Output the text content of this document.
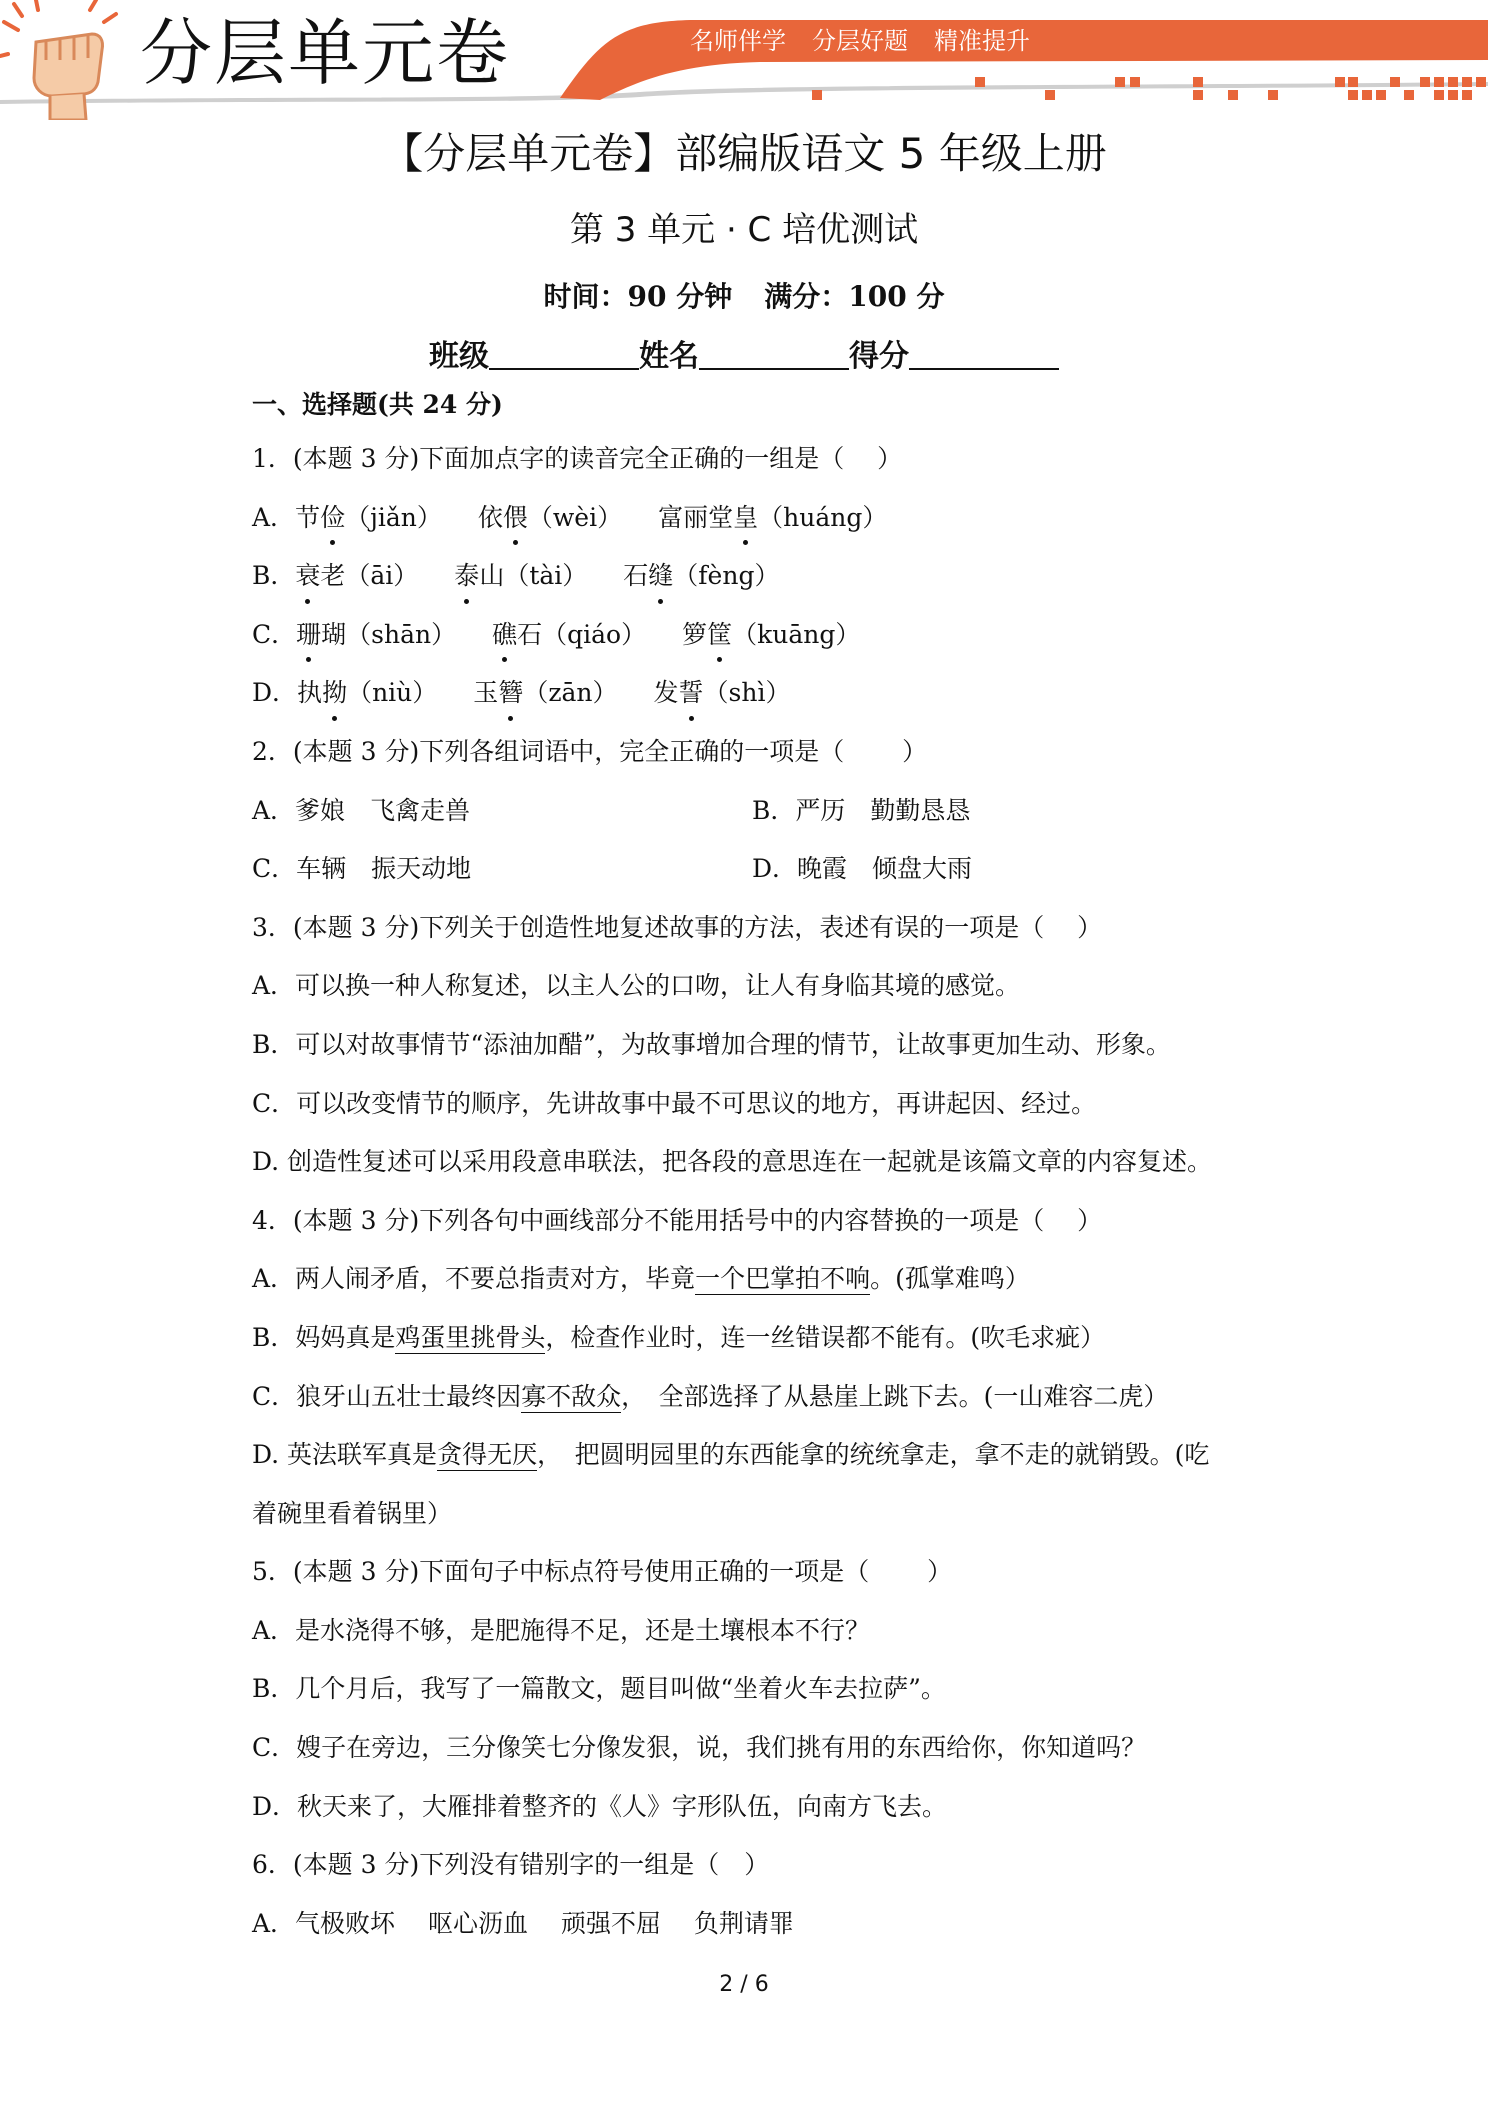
分层单元卷	名师伴学 分层好题 精准提升
【分层单元卷】部编版语文 5 年级上册
第 3 单元 · C 培优测试
时间：90 分钟 满分：100 分
班级	姓名	得分
一、选择题(共 24 分)
1．(本题 3 分)下面加点字的读音完全正确的一组是（　 ）
A．节俭（jiǎn） 依偎（wèi） 富丽堂皇（huáng）
B．衰老（āi） 泰山（tài） 石缝（fèng）
C．珊瑚（shān） 礁石（qiáo） 箩筐（kuāng）
D．执拗（niù） 玉簪（zān） 发誓（shì）
2．(本题 3 分)下列各组词语中，完全正确的一项是（　　 ）
A．爹娘　飞禽走兽	B．严历　勤勤恳恳
C．车辆　振天动地	D．晚霞　倾盘大雨
3．(本题 3 分)下列关于创造性地复述故事的方法，表述有误的一项是（　 ）
A．可以换一种人称复述，以主人公的口吻，让人有身临其境的感觉。
B．可以对故事情节“添油加醋”，为故事增加合理的情节，让故事更加生动、形象。
C．可以改变情节的顺序，先讲故事中最不可思议的地方，再讲起因、经过。
D. 创造性复述可以采用段意串联法，把各段的意思连在一起就是该篇文章的内容复述。
4．(本题 3 分)下列各句中画线部分不能用括号中的内容替换的一项是（　 ）
A．两人闹矛盾，不要总指责对方，毕竟一个巴掌拍不响。(孤掌难鸣）
B．妈妈真是鸡蛋里挑骨头，检查作业时，连一丝错误都不能有。(吹毛求疵）
C．狼牙山五壮士最终因寡不敌众，　全部选择了从悬崖上跳下去。(一山难容二虎）
D. 英法联军真是贪得无厌，　把圆明园里的东西能拿的统统拿走，拿不走的就销毁。(吃
着碗里看着锅里）
5．(本题 3 分)下面句子中标点符号使用正确的一项是（　　 ）
A．是水浇得不够，是肥施得不足，还是土壤根本不行？
B．几个月后，我写了一篇散文，题目叫做“坐着火车去拉萨”。
C．嫂子在旁边，三分像笑七分像发狠，说，我们挑有用的东西给你，你知道吗？
D．秋天来了，大雁排着整齐的《人》字形队伍，向南方飞去。
6．(本题 3 分)下列没有错别字的一组是（　）
A．气极败坏　 呕心沥血　 顽强不屈　 负荆请罪
2 / 6
